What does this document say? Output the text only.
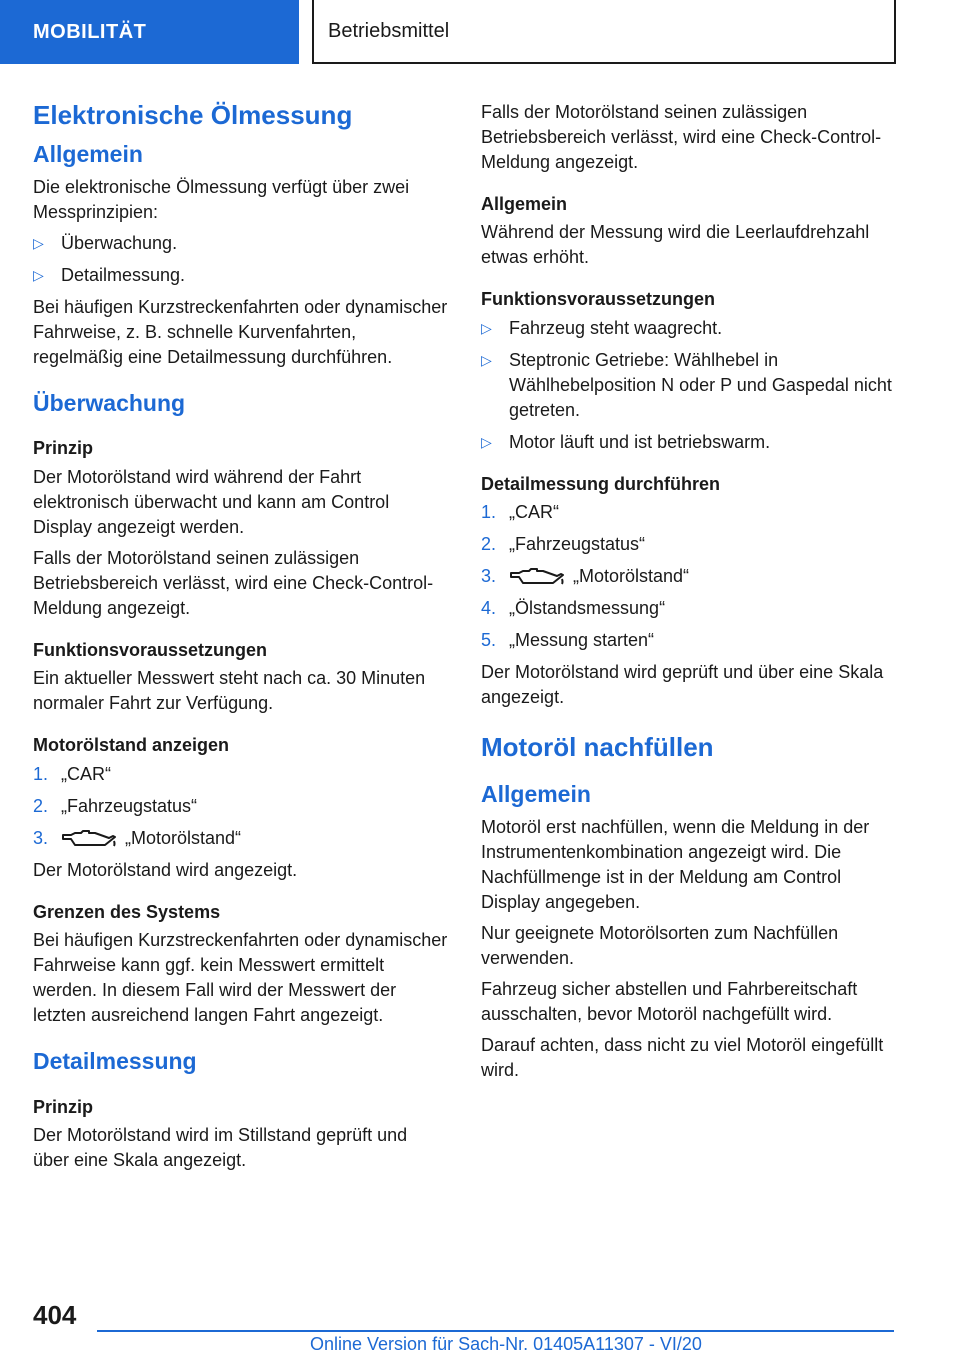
MOBILITÄT	Betriebsmittel
Elektronische Ölmessung
Allgemein

Die elektronische Ölmessung verfügt über zwei Messprinzipien:

▷ Überwachung.
▷ Detailmessung.

Bei häufigen Kurzstreckenfahrten oder dynamischer Fahrweise, z. B. schnelle Kurvenfahrten, regelmäßig eine Detailmessung durchführen.

Überwachung
Prinzip

Der Motorölstand wird während der Fahrt elektronisch überwacht und kann am Control Display angezeigt werden.

Falls der Motorölstand seinen zulässigen Betriebsbereich verlässt, wird eine Check-Control-Meldung angezeigt.

Funktionsvoraussetzungen

Ein aktueller Messwert steht nach ca. 30 Minuten normaler Fahrt zur Verfügung.

Motorölstand anzeigen
1. „CAR“
2. „Fahrzeugstatus“
3.	„Motorölstand“

Der Motorölstand wird angezeigt.

Grenzen des Systems

Bei häufigen Kurzstreckenfahrten oder dynamischer Fahrweise kann ggf. kein Messwert ermittelt werden. In diesem Fall wird der Messwert der letzten ausreichend langen Fahrt angezeigt.

Detailmessung
Prinzip

Der Motorölstand wird im Stillstand geprüft und über eine Skala angezeigt.

Falls der Motorölstand seinen zulässigen Betriebsbereich verlässt, wird eine Check-Control-Meldung angezeigt.

Allgemein

Während der Messung wird die Leerlaufdrehzahl etwas erhöht.

Funktionsvoraussetzungen
▷ Fahrzeug steht waagrecht.
▷ Steptronic Getriebe: Wählhebel in Wählhebelposition N oder P und Gaspedal nicht getreten.
▷ Motor läuft und ist betriebswarm.
Detailmessung durchführen
1. „CAR“
2. „Fahrzeugstatus“
3.	„Motorölstand“
4. „Ölstandsmessung“
5. „Messung starten“

Der Motorölstand wird geprüft und über eine Skala angezeigt.

Motoröl nachfüllen
Allgemein

Motoröl erst nachfüllen, wenn die Meldung in der Instrumentenkombination angezeigt wird. Die Nachfüllmenge ist in der Meldung am Control Display angegeben.

Nur geeignete Motorölsorten zum Nachfüllen verwenden.

Fahrzeug sicher abstellen und Fahrbereitschaft ausschalten, bevor Motoröl nachgefüllt wird.

Darauf achten, dass nicht zu viel Motoröl eingefüllt wird.

404
Online Version für Sach-Nr. 01405A11307 - VI/20
